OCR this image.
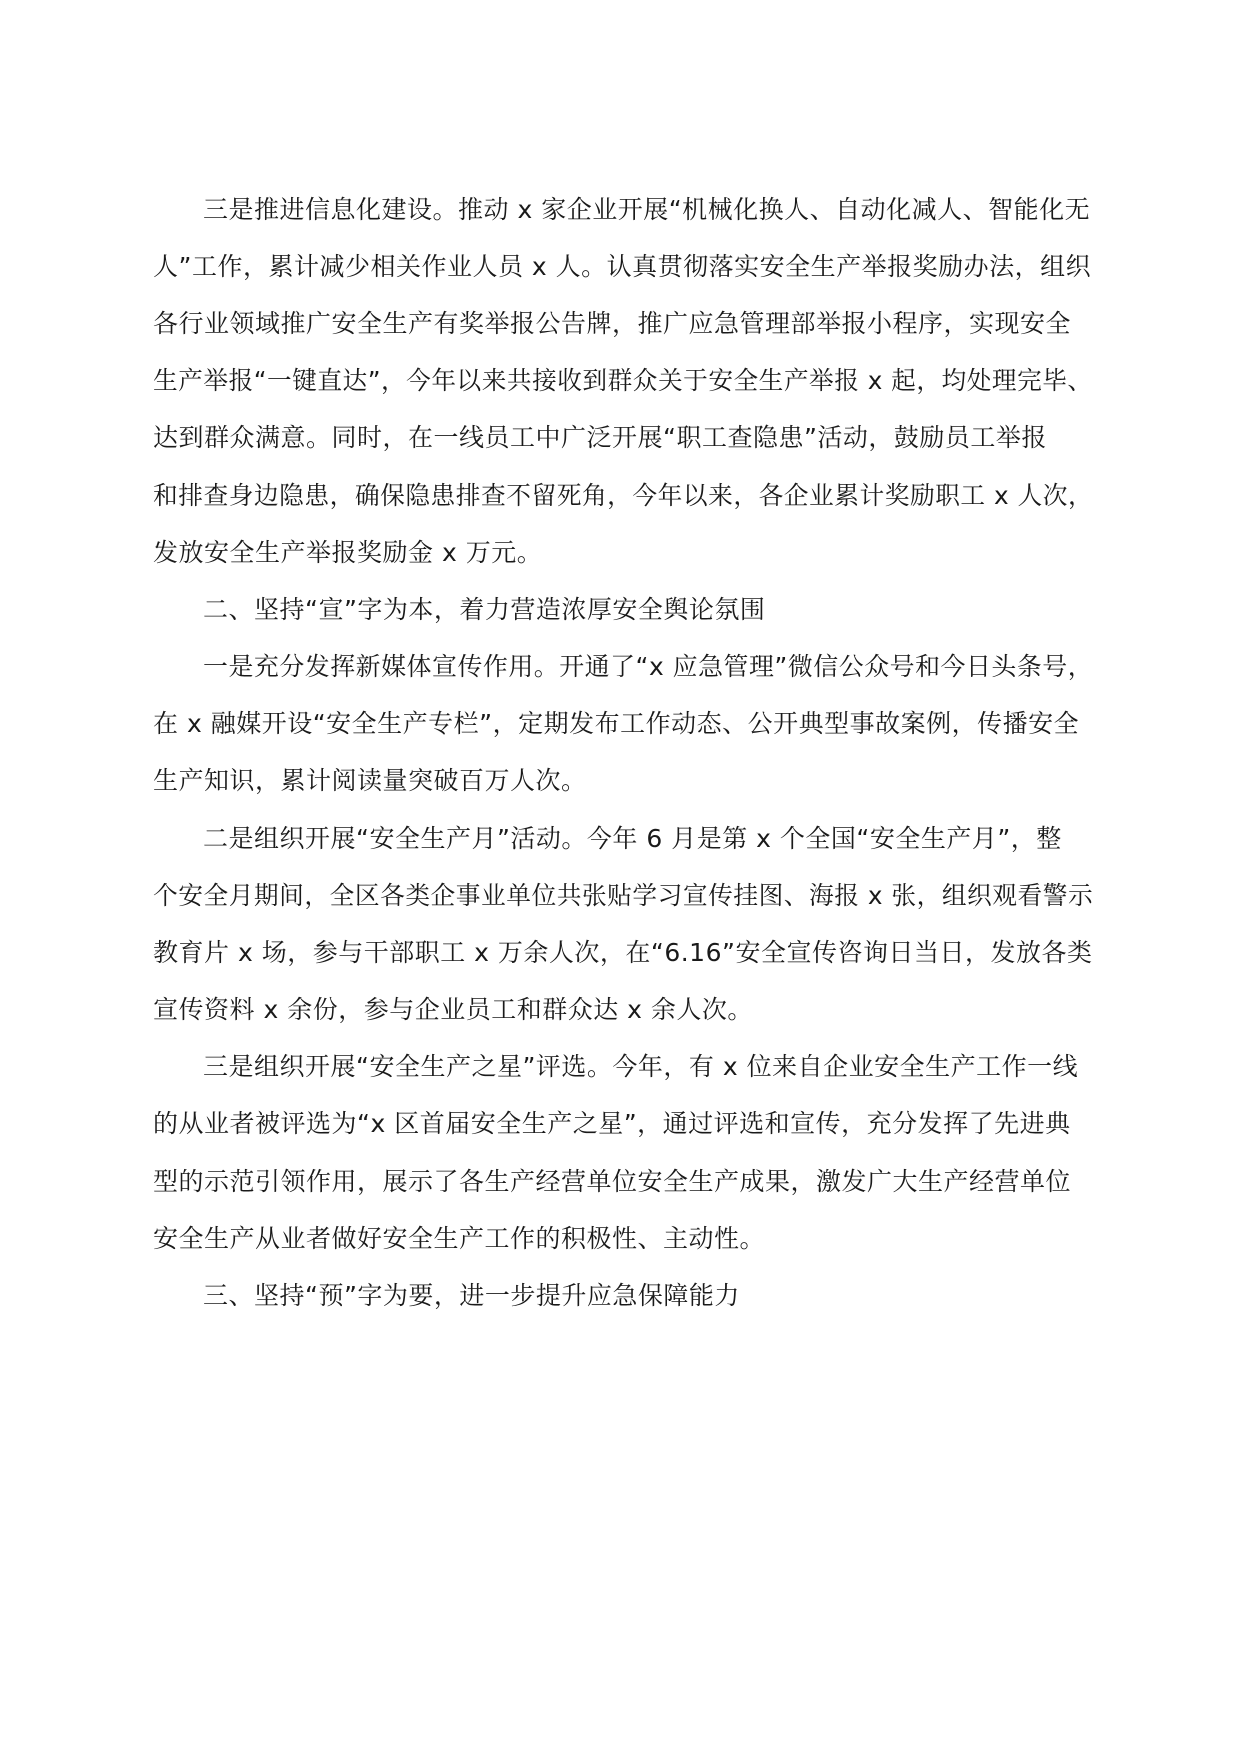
三是推进信息化建设。推动 x 家企业开展“机械化换人、自动化减人、智能化无
人”工作，累计减少相关作业人员 x 人。认真贯彻落实安全生产举报奖励办法，组织
各行业领域推广安全生产有奖举报公告牌，推广应急管理部举报小程序，实现安全
生产举报“一键直达”，今年以来共接收到群众关于安全生产举报 x 起，均处理完毕、
达到群众满意。同时，在一线员工中广泛开展“职工查隐患”活动，鼓励员工举报
和排查身边隐患，确保隐患排查不留死角，今年以来，各企业累计奖励职工 x 人次，
发放安全生产举报奖励金 x 万元。
二、坚持“宣”字为本，着力营造浓厚安全舆论氛围
一是充分发挥新媒体宣传作用。开通了“x 应急管理”微信公众号和今日头条号，
在 x 融媒开设“安全生产专栏”，定期发布工作动态、公开典型事故案例，传播安全
生产知识，累计阅读量突破百万人次。
二是组织开展“安全生产月”活动。今年 6 月是第 x 个全国“安全生产月”，整
个安全月期间，全区各类企事业单位共张贴学习宣传挂图、海报 x 张，组织观看警示
教育片 x 场，参与干部职工 x 万余人次，在“6.16”安全宣传咨询日当日，发放各类
宣传资料 x 余份，参与企业员工和群众达 x 余人次。
三是组织开展“安全生产之星”评选。今年，有 x 位来自企业安全生产工作一线
的从业者被评选为“x 区首届安全生产之星”，通过评选和宣传，充分发挥了先进典
型的示范引领作用，展示了各生产经营单位安全生产成果，激发广大生产经营单位
安全生产从业者做好安全生产工作的积极性、主动性。
三、坚持“预”字为要，进一步提升应急保障能力
